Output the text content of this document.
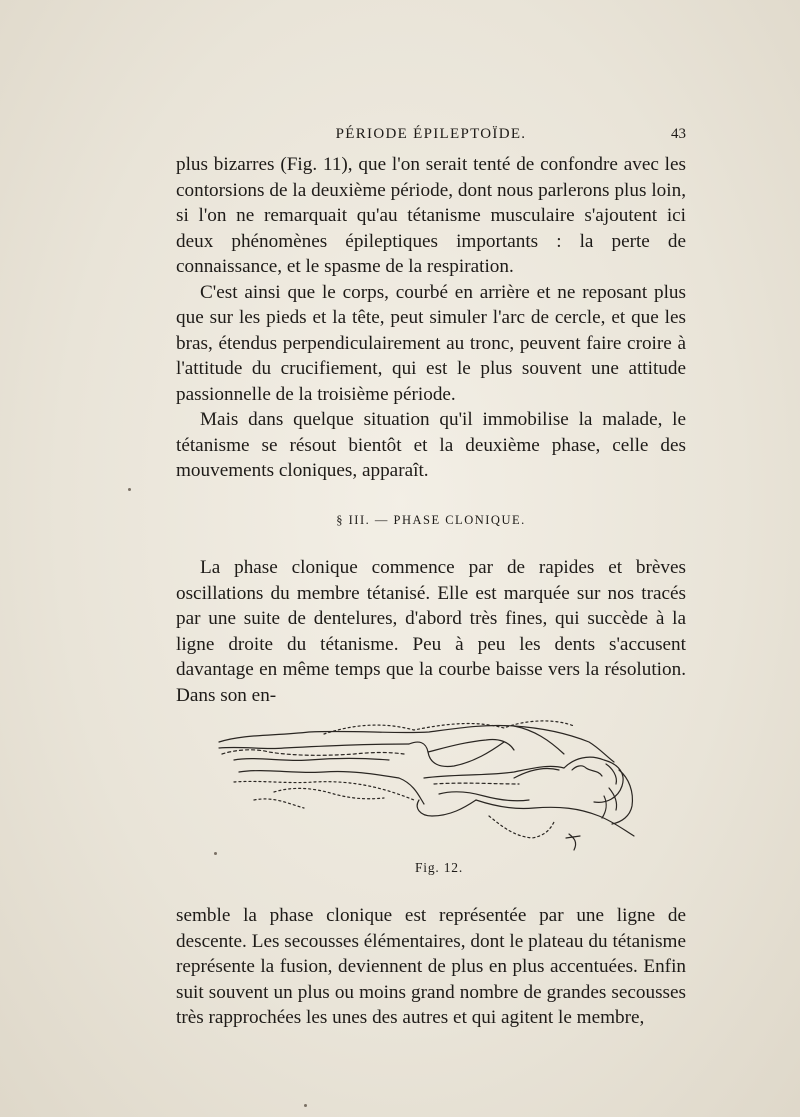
PÉRIODE ÉPILEPTOÏDE.	43

plus bizarres (Fig. 11), que l'on serait tenté de confondre avec les contorsions de la deuxième période, dont nous parlerons plus loin, si l'on ne remarquait qu'au tétanisme musculaire s'ajoutent ici deux phénomènes épileptiques importants : la perte de connaissance, et le spasme de la respiration.

C'est ainsi que le corps, courbé en arrière et ne reposant plus que sur les pieds et la tête, peut simuler l'arc de cercle, et que les bras, étendus perpendiculairement au tronc, peuvent faire croire à l'attitude du crucifiement, qui est le plus souvent une attitude passionnelle de la troisième période.

Mais dans quelque situation qu'il immobilise la malade, le tétanisme se résout bientôt et la deuxième phase, celle des mouvements cloniques, apparaît.

§ III. — PHASE CLONIQUE.

La phase clonique commence par de rapides et brèves oscillations du membre tétanisé. Elle est marquée sur nos tracés par une suite de dentelures, d'abord très fines, qui succède à la ligne droite du tétanisme. Peu à peu les dents s'accusent davantage en même temps que la courbe baisse vers la résolution. Dans son en-

Fig. 12.

semble la phase clonique est représentée par une ligne de descente. Les secousses élémentaires, dont le plateau du tétanisme représente la fusion, deviennent de plus en plus accentuées. Enfin suit souvent un plus ou moins grand nombre de grandes secousses très rapprochées les unes des autres et qui agitent le membre,
